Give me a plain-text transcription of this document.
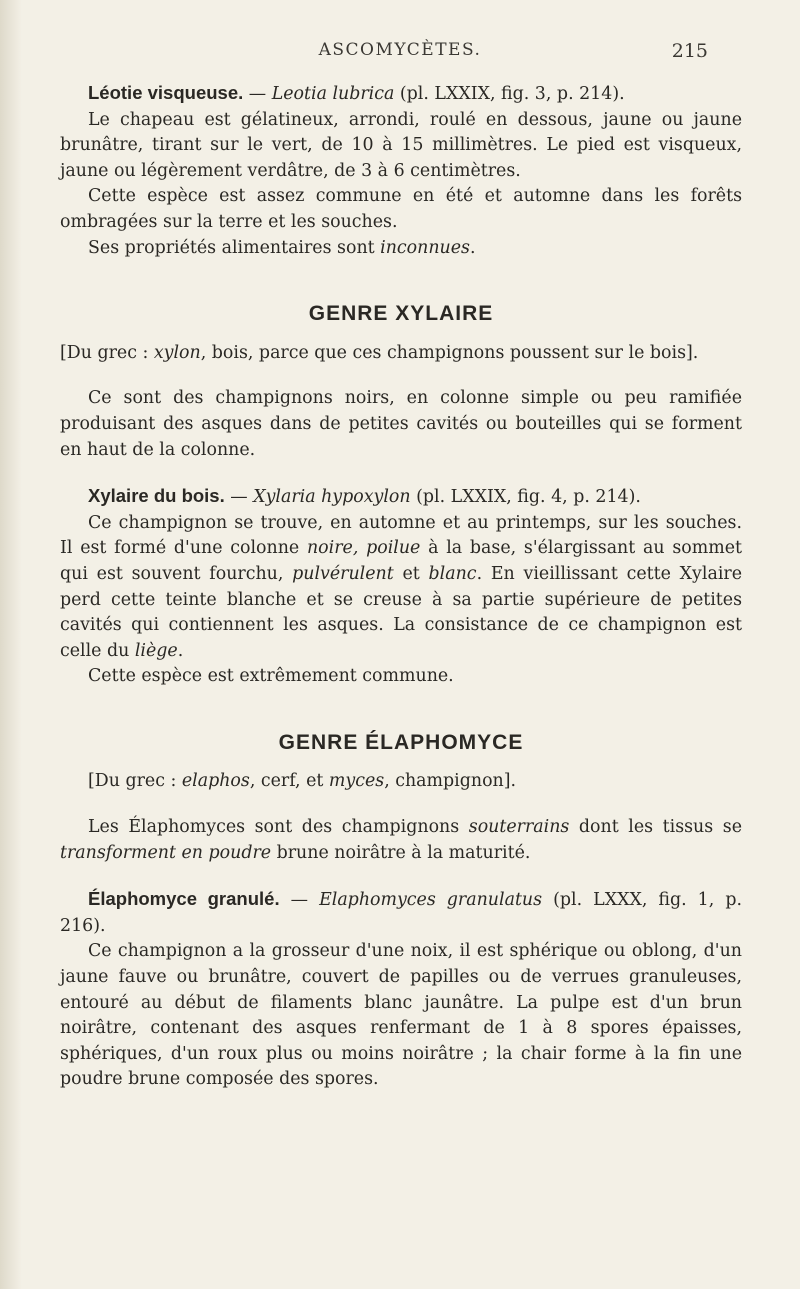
ASCOMYCÈTES.	215

Léotie visqueuse. — Leotia lubrica (pl. LXXIX, fig. 3, p. 214).

Le chapeau est gélatineux, arrondi, roulé en dessous, jaune ou jaune brunâtre, tirant sur le vert, de 10 à 15 millimètres. Le pied est visqueux, jaune ou légèrement verdâtre, de 3 à 6 centimètres.

Cette espèce est assez commune en été et automne dans les forêts ombragées sur la terre et les souches.

Ses propriétés alimentaires sont inconnues.

GENRE XYLAIRE

[Du grec : xylon, bois, parce que ces champignons poussent sur le bois].

Ce sont des champignons noirs, en colonne simple ou peu ramifiée produisant des asques dans de petites cavités ou bouteilles qui se forment en haut de la colonne.

Xylaire du bois. — Xylaria hypoxylon (pl. LXXIX, fig. 4, p. 214).

Ce champignon se trouve, en automne et au printemps, sur les souches. Il est formé d'une colonne noire, poilue à la base, s'élargissant au sommet qui est souvent fourchu, pulvérulent et blanc. En vieillissant cette Xylaire perd cette teinte blanche et se creuse à sa partie supérieure de petites cavités qui contiennent les asques. La consistance de ce champignon est celle du liège.

Cette espèce est extrêmement commune.

GENRE ÉLAPHOMYCE

[Du grec : elaphos, cerf, et myces, champignon].

Les Élaphomyces sont des champignons souterrains dont les tissus se transforment en poudre brune noirâtre à la maturité.

Élaphomyce granulé. — Elaphomyces granulatus (pl. LXXX, fig. 1, p. 216).

Ce champignon a la grosseur d'une noix, il est sphérique ou oblong, d'un jaune fauve ou brunâtre, couvert de papilles ou de verrues granuleuses, entouré au début de filaments blanc jaunâtre. La pulpe est d'un brun noirâtre, contenant des asques renfermant de 1 à 8 spores épaisses, sphériques, d'un roux plus ou moins noirâtre ; la chair forme à la fin une poudre brune composée des spores.
